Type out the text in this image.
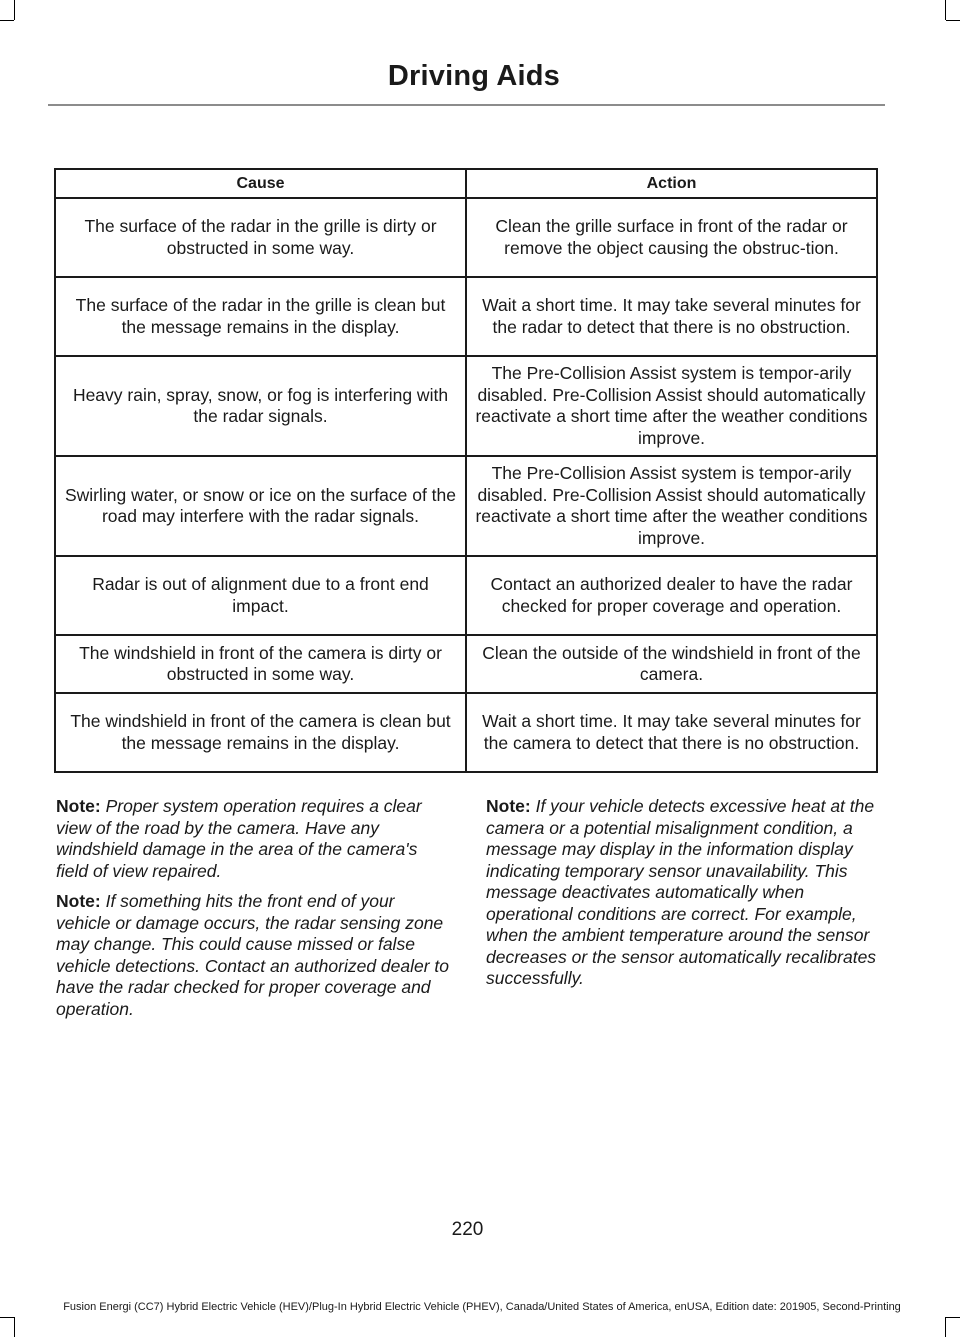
Driving Aids
Cause	Action
The surface of the radar in the grille is dirty or obstructed in some way.	Clean the grille surface in front of the radar or remove the object causing the obstruc-tion.
The surface of the radar in the grille is clean but the message remains in the display.	Wait a short time. It may take several minutes for the radar to detect that there is no obstruction.
Heavy rain, spray, snow, or fog is interfering with the radar signals.	The Pre-Collision Assist system is tempor-arily disabled. Pre-Collision Assist should automatically reactivate a short time after the weather conditions improve.
Swirling water, or snow or ice on the surface of the road may interfere with the radar signals.	The Pre-Collision Assist system is tempor-arily disabled. Pre-Collision Assist should automatically reactivate a short time after the weather conditions improve.
Radar is out of alignment due to a front end impact.	Contact an authorized dealer to have the radar checked for proper coverage and operation.
The windshield in front of the camera is dirty or obstructed in some way.	Clean the outside of the windshield in front of the camera.
The windshield in front of the camera is clean but the message remains in the display.	Wait a short time. It may take several minutes for the camera to detect that there is no obstruction.

Note: Proper system operation requires a clear view of the road by the camera. Have any windshield damage in the area of the camera's field of view repaired.

Note: If something hits the front end of your vehicle or damage occurs, the radar sensing zone may change. This could cause missed or false vehicle detections. Contact an authorized dealer to have the radar checked for proper coverage and operation.

Note: If your vehicle detects excessive heat at the camera or a potential misalignment condition, a message may display in the information display indicating temporary sensor unavailability. This message deactivates automatically when operational conditions are correct. For example, when the ambient temperature around the sensor decreases or the sensor automatically recalibrates successfully.

220
Fusion Energi (CC7) Hybrid Electric Vehicle (HEV)/Plug-In Hybrid Electric Vehicle (PHEV), Canada/United States of America, enUSA, Edition date: 201905, Second-Printing
